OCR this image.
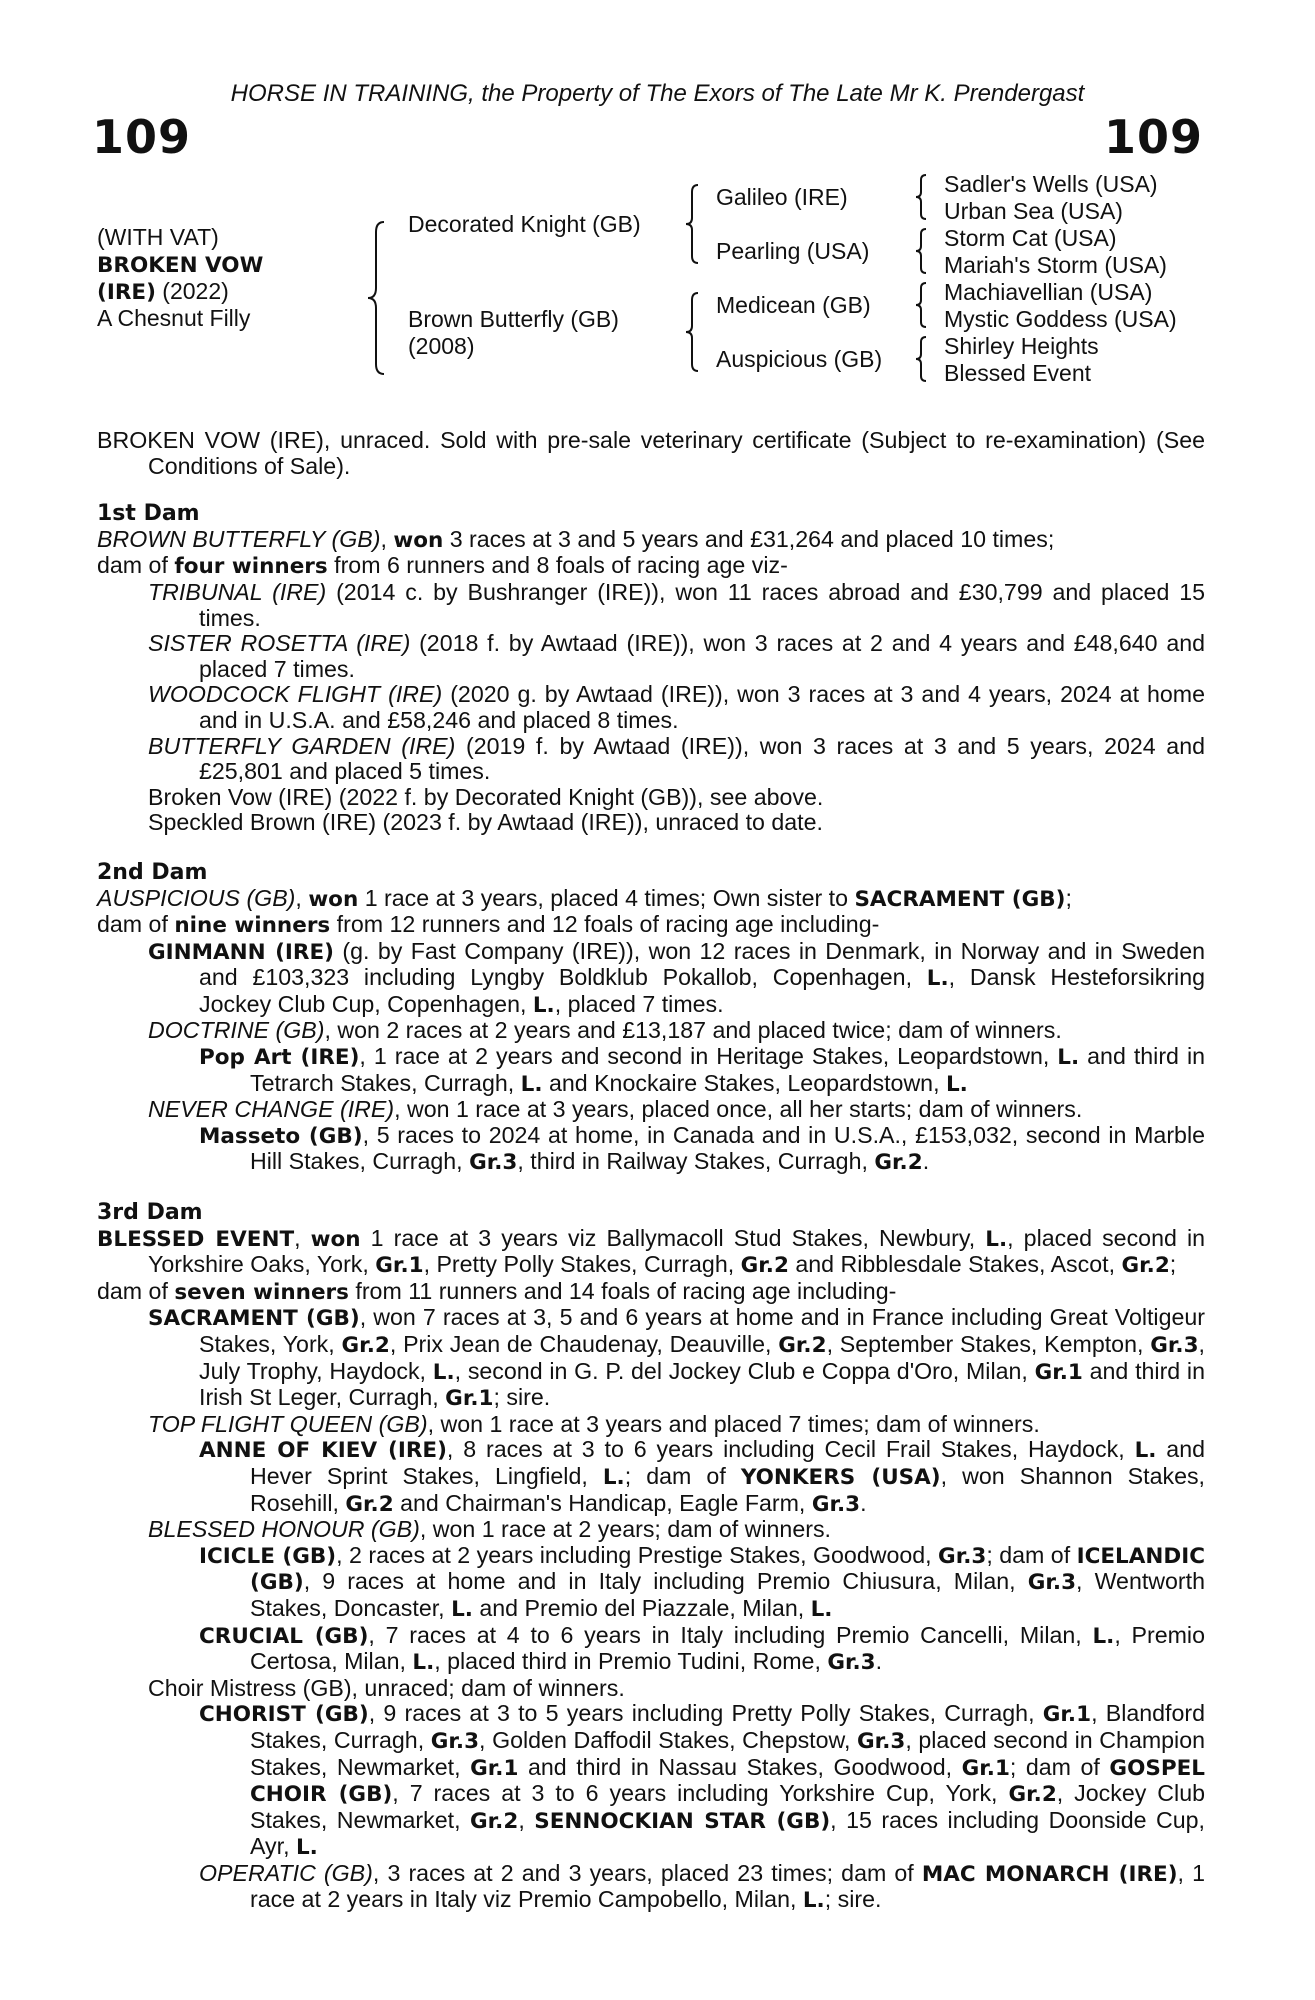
HORSE IN TRAINING, the Property of The Exors of The Late Mr K. Prendergast
109	109
(WITH VAT)
BROKEN VOW
(IRE) (2022)
A Chesnut Filly
Decorated Knight (GB)
Brown Butterfly (GB)
(2008)
Galileo (IRE)
Pearling (USA)
Medicean (GB)
Auspicious (GB)
Sadler's Wells (USA)
Urban Sea (USA)
Storm Cat (USA)
Mariah's Storm (USA)
Machiavellian (USA)
Mystic Goddess (USA)
Shirley Heights
Blessed Event

BROKEN VOW (IRE), unraced. Sold with pre-sale veterinary certificate (Subject to re-examination) (See Conditions of Sale).

1st Dam

BROWN BUTTERFLY (GB), won 3 races at 3 and 5 years and £31,264 and placed 10 times;

dam of four winners from 6 runners and 8 foals of racing age viz-

TRIBUNAL (IRE) (2014 c. by Bushranger (IRE)), won 11 races abroad and £30,799 and placed 15 times.

SISTER ROSETTA (IRE) (2018 f. by Awtaad (IRE)), won 3 races at 2 and 4 years and £48,640 and placed 7 times.

WOODCOCK FLIGHT (IRE) (2020 g. by Awtaad (IRE)), won 3 races at 3 and 4 years, 2024 at home and in U.S.A. and £58,246 and placed 8 times.

BUTTERFLY GARDEN (IRE) (2019 f. by Awtaad (IRE)), won 3 races at 3 and 5 years, 2024 and £25,801 and placed 5 times.

Broken Vow (IRE) (2022 f. by Decorated Knight (GB)), see above.

Speckled Brown (IRE) (2023 f. by Awtaad (IRE)), unraced to date.

2nd Dam

AUSPICIOUS (GB), won 1 race at 3 years, placed 4 times; Own sister to SACRAMENT (GB);

dam of nine winners from 12 runners and 12 foals of racing age including-

GINMANN (IRE) (g. by Fast Company (IRE)), won 12 races in Denmark, in Norway and in Sweden and £103,323 including Lyngby Boldklub Pokallob, Copenhagen, L., Dansk Hesteforsikring Jockey Club Cup, Copenhagen, L., placed 7 times.

DOCTRINE (GB), won 2 races at 2 years and £13,187 and placed twice; dam of winners.

Pop Art (IRE), 1 race at 2 years and second in Heritage Stakes, Leopardstown, L. and third in Tetrarch Stakes, Curragh, L. and Knockaire Stakes, Leopardstown, L.

NEVER CHANGE (IRE), won 1 race at 3 years, placed once, all her starts; dam of winners.

Masseto (GB), 5 races to 2024 at home, in Canada and in U.S.A., £153,032, second in Marble Hill Stakes, Curragh, Gr.3, third in Railway Stakes, Curragh, Gr.2.

3rd Dam

BLESSED EVENT, won 1 race at 3 years viz Ballymacoll Stud Stakes, Newbury, L., placed second in Yorkshire Oaks, York, Gr.1, Pretty Polly Stakes, Curragh, Gr.2 and Ribblesdale Stakes, Ascot, Gr.2;

dam of seven winners from 11 runners and 14 foals of racing age including-

SACRAMENT (GB), won 7 races at 3, 5 and 6 years at home and in France including Great Voltigeur Stakes, York, Gr.2, Prix Jean de Chaudenay, Deauville, Gr.2, September Stakes, Kempton, Gr.3, July Trophy, Haydock, L., second in G. P. del Jockey Club e Coppa d'Oro, Milan, Gr.1 and third in Irish St Leger, Curragh, Gr.1; sire.

TOP FLIGHT QUEEN (GB), won 1 race at 3 years and placed 7 times; dam of winners.

ANNE OF KIEV (IRE), 8 races at 3 to 6 years including Cecil Frail Stakes, Haydock, L. and Hever Sprint Stakes, Lingfield, L.; dam of YONKERS (USA), won Shannon Stakes, Rosehill, Gr.2 and Chairman's Handicap, Eagle Farm, Gr.3.

BLESSED HONOUR (GB), won 1 race at 2 years; dam of winners.

ICICLE (GB), 2 races at 2 years including Prestige Stakes, Goodwood, Gr.3; dam of ICELANDIC (GB), 9 races at home and in Italy including Premio Chiusura, Milan, Gr.3, Wentworth Stakes, Doncaster, L. and Premio del Piazzale, Milan, L.

CRUCIAL (GB), 7 races at 4 to 6 years in Italy including Premio Cancelli, Milan, L., Premio Certosa, Milan, L., placed third in Premio Tudini, Rome, Gr.3.

Choir Mistress (GB), unraced; dam of winners.

CHORIST (GB), 9 races at 3 to 5 years including Pretty Polly Stakes, Curragh, Gr.1, Blandford Stakes, Curragh, Gr.3, Golden Daffodil Stakes, Chepstow, Gr.3, placed second in Champion Stakes, Newmarket, Gr.1 and third in Nassau Stakes, Goodwood, Gr.1; dam of GOSPEL CHOIR (GB), 7 races at 3 to 6 years including Yorkshire Cup, York, Gr.2, Jockey Club Stakes, Newmarket, Gr.2, SENNOCKIAN STAR (GB), 15 races including Doonside Cup, Ayr, L.

OPERATIC (GB), 3 races at 2 and 3 years, placed 23 times; dam of MAC MONARCH (IRE), 1 race at 2 years in Italy viz Premio Campobello, Milan, L.; sire.
